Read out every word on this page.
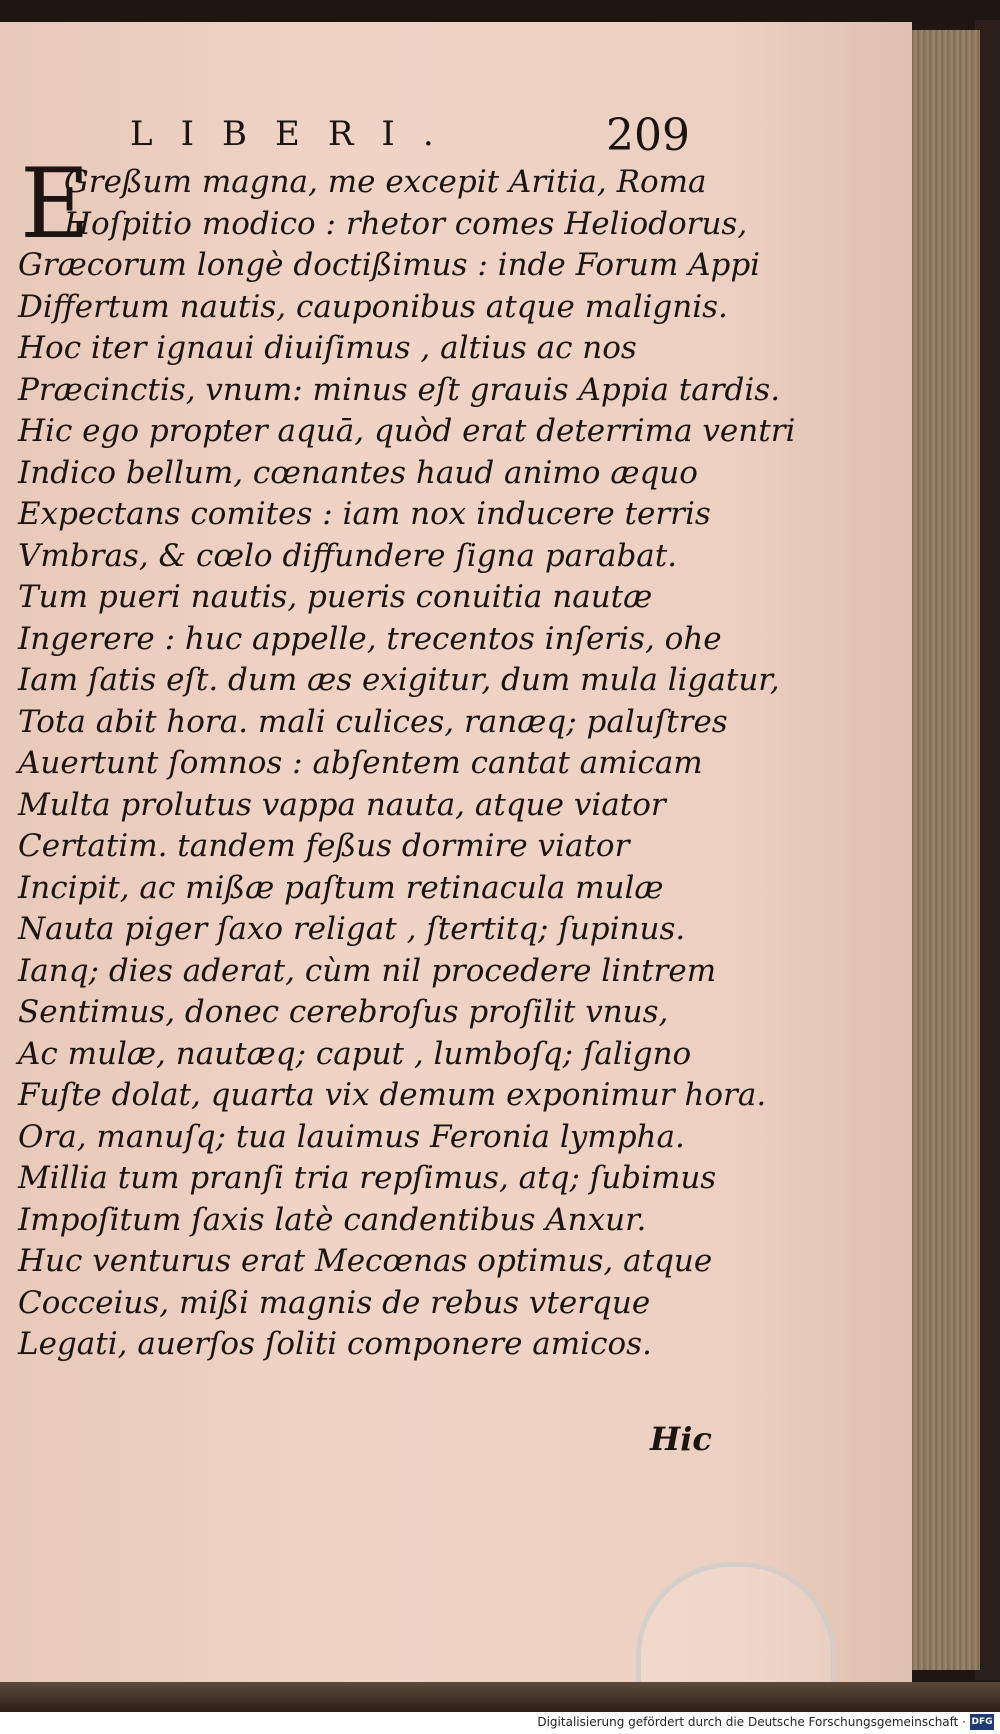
LIBERI.	209
E
Greßum magna, me excepit Aritia, Roma
Hoſpitio modico : rhetor comes Heliodorus,
Græcorum longè doctißimus : inde Forum Appi
Differtum nautis, cauponibus atque malignis.
Hoc iter ignaui diuiſimus , altius ac nos
Præcinctis, vnum: minus eſt grauis Appia tardis.
Hic ego propter aquā, quòd erat deterrima ventri
Indico bellum, cœnantes haud animo æquo
Expectans comites : iam nox inducere terris
Vmbras, & cœlo diffundere ſigna parabat.
Tum pueri nautis, pueris conuitia nautæ
Ingerere : huc appelle, trecentos inſeris, ohe
Iam ſatis eſt. dum æs exigitur, dum mula ligatur,
Tota abit hora. mali culices, ranæq; paluſtres
Auertunt ſomnos : abſentem cantat amicam
Multa prolutus vappa nauta, atque viator
Certatim. tandem feßus dormire viator
Incipit, ac mißæ paſtum retinacula mulæ
Nauta piger ſaxo religat , ſtertitq; ſupinus.
Ianq; dies aderat, cùm nil procedere lintrem
Sentimus, donec cerebroſus proſilit vnus,
Ac mulæ, nautæq; caput , lumboſq; ſaligno
Fuſte dolat, quarta vix demum exponimur hora.
Ora, manuſq; tua lauimus Feronia lympha.
Millia tum pranſi tria repſimus, atq; ſubimus
Impoſitum ſaxis latè candentibus Anxur.
Huc venturus erat Mecœnas optimus, atque
Cocceius, mißi magnis de rebus vterque
Legati, auerſos ſoliti componere amicos.
Hic
Digitalisierung gefördert durch die Deutsche Forschungsgemeinschaft · DFG
